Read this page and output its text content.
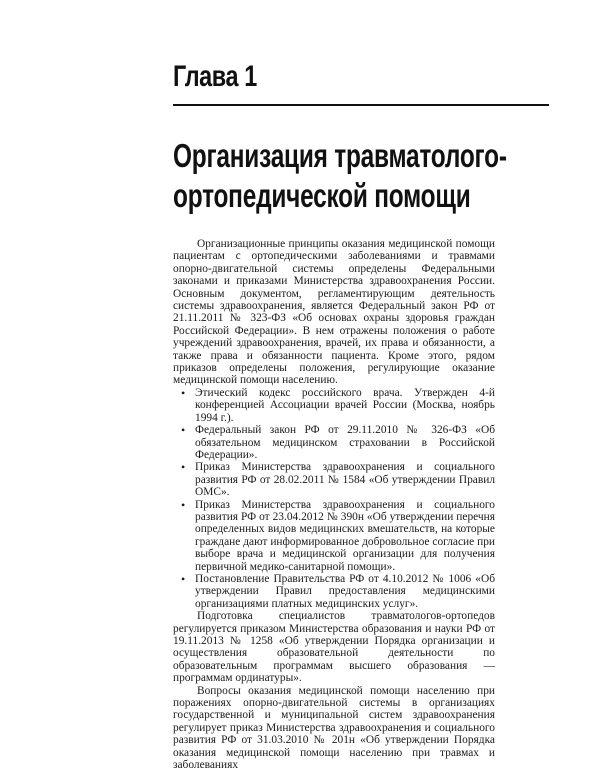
Глава 1
Организация травматолого-
ортопедической помощи

Организационные принципы оказания медицинской помощи пациентам с ортопедическими заболеваниями и травмами опорно-двигательной системы определены Федеральными законами и приказами Министерства здравоохранения России. Основным документом, регламентирующим деятельность системы здравоохранения, является Федеральный закон РФ от 21.11.2011 № 323-ФЗ «Об основах охраны здоровья граждан Российской Федерации». В нем отражены положения о работе учреждений здравоохранения, врачей, их права и обязанности, а также права и обязанности пациента. Кроме этого, рядом приказов определены положения, регулирующие оказание медицинской помощи населению.

• Этический кодекс российского врача. Утвержден 4-й конференцией Ассоциации врачей России (Москва, ноябрь 1994 г.).
• Федеральный закон РФ от 29.11.2010 № 326-ФЗ «Об обязательном медицинском страховании в Российской Федерации».
• Приказ Министерства здравоохранения и социального развития РФ от 28.02.2011 № 1584 «Об утверждении Правил ОМС».
• Приказ Министерства здравоохранения и социального развития РФ от 23.04.2012 № 390н «Об утверждении перечня определенных видов медицинских вмешательств, на которые граждане дают информированное добровольное согласие при выборе врача и медицинской организации для получения первичной медико-санитарной помощи».
• Постановление Правительства РФ от 4.10.2012 № 1006 «Об утверждении Правил предоставления медицинскими организациями платных медицинских услуг».

Подготовка специалистов травматологов-ортопедов регулируется приказом Министерства образования и науки РФ от 19.11.2013 № 1258 «Об утверждении Порядка организации и осуществления образовательной деятельности по образовательным программам высшего образования — программам ординатуры».

Вопросы оказания медицинской помощи населению при поражениях опорно-двигательной системы в организациях государственной и муниципальной систем здравоохранения регулирует приказ Министерства здравоохранения и социального развития РФ от 31.03.2010 № 201н «Об утверждении Порядка оказания медицинской помощи населению при травмах и заболеваниях
